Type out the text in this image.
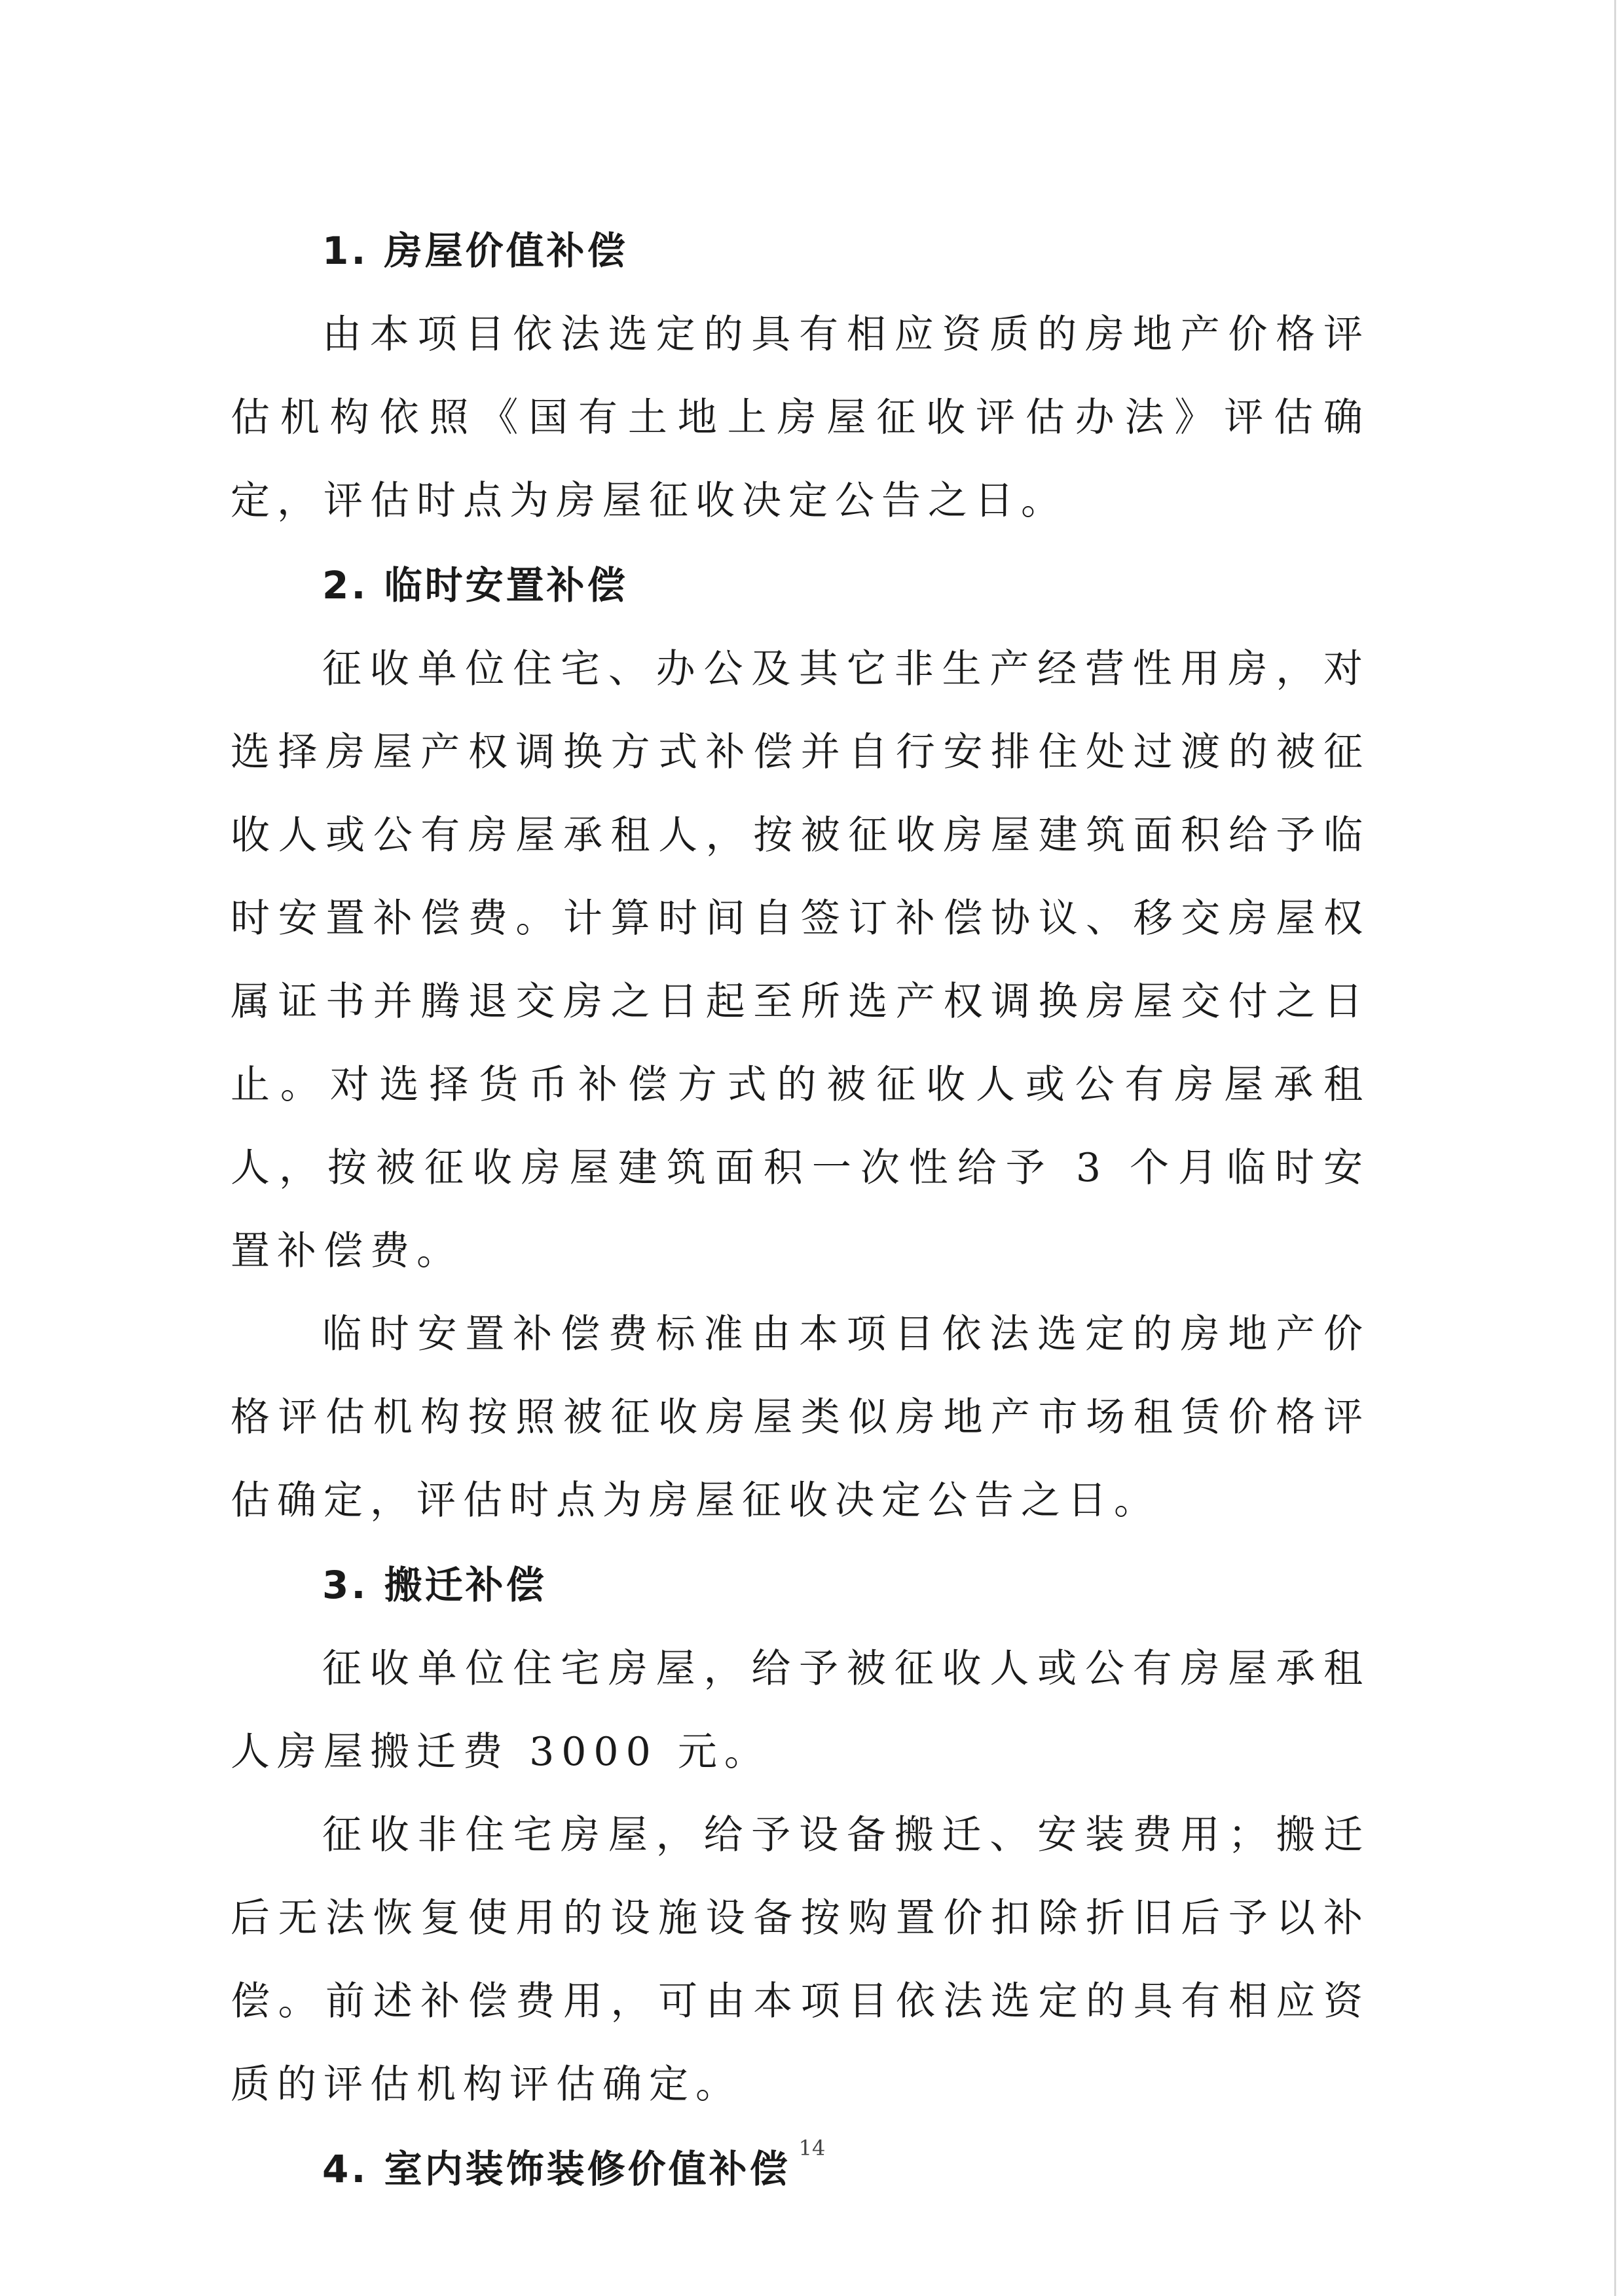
1. 房屋价值补偿

由本项目依法选定的具有相应资质的房地产价格评估机构依照《国有土地上房屋征收评估办法》评估确定，评估时点为房屋征收决定公告之日。

2. 临时安置补偿

征收单位住宅、办公及其它非生产经营性用房，对选择房屋产权调换方式补偿并自行安排住处过渡的被征收人或公有房屋承租人，按被征收房屋建筑面积给予临时安置补偿费。计算时间自签订补偿协议、移交房屋权属证书并腾退交房之日起至所选产权调换房屋交付之日止。对选择货币补偿方式的被征收人或公有房屋承租人，按被征收房屋建筑面积一次性给予 3 个月临时安置补偿费。

临时安置补偿费标准由本项目依法选定的房地产价格评估机构按照被征收房屋类似房地产市场租赁价格评估确定，评估时点为房屋征收决定公告之日。

3. 搬迁补偿

征收单位住宅房屋，给予被征收人或公有房屋承租人房屋搬迁费 3000 元。

征收非住宅房屋，给予设备搬迁、安装费用；搬迁后无法恢复使用的设施设备按购置价扣除折旧后予以补偿。前述补偿费用，可由本项目依法选定的具有相应资质的评估机构评估确定。

4. 室内装饰装修价值补偿 14
